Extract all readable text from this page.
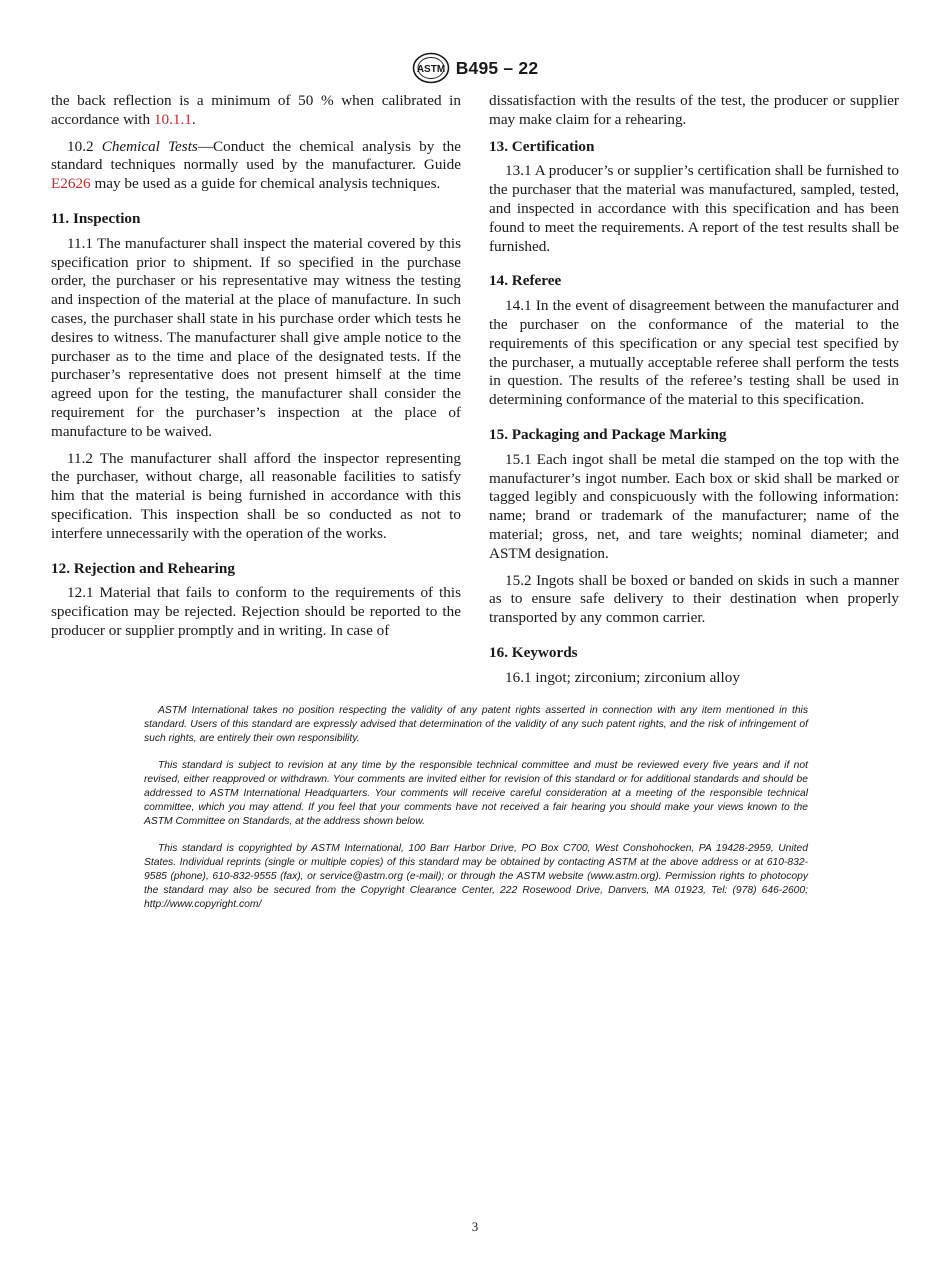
ASTM B495 – 22

the back reflection is a minimum of 50 % when calibrated in accordance with 10.1.1.

10.2 Chemical Tests—Conduct the chemical analysis by the standard techniques normally used by the manufacturer. Guide E2626 may be used as a guide for chemical analysis techniques.

11. Inspection

11.1 The manufacturer shall inspect the material covered by this specification prior to shipment. If so specified in the purchase order, the purchaser or his representative may witness the testing and inspection of the material at the place of manufacture. In such cases, the purchaser shall state in his purchase order which tests he desires to witness. The manufacturer shall give ample notice to the purchaser as to the time and place of the designated tests. If the purchaser’s representative does not present himself at the time agreed upon for the testing, the manufacturer shall consider the requirement for the purchaser’s inspection at the place of manufacture to be waived.

11.2 The manufacturer shall afford the inspector representing the purchaser, without charge, all reasonable facilities to satisfy him that the material is being furnished in accordance with this specification. This inspection shall be so conducted as not to interfere unnecessarily with the operation of the works.

12. Rejection and Rehearing

12.1 Material that fails to conform to the requirements of this specification may be rejected. Rejection should be reported to the producer or supplier promptly and in writing. In case of

dissatisfaction with the results of the test, the producer or supplier may make claim for a rehearing.

13. Certification

13.1 A producer’s or supplier’s certification shall be furnished to the purchaser that the material was manufactured, sampled, tested, and inspected in accordance with this specification and has been found to meet the requirements. A report of the test results shall be furnished.

14. Referee

14.1 In the event of disagreement between the manufacturer and the purchaser on the conformance of the material to the requirements of this specification or any special test specified by the purchaser, a mutually acceptable referee shall perform the tests in question. The results of the referee’s testing shall be used in determining conformance of the material to this specification.

15. Packaging and Package Marking

15.1 Each ingot shall be metal die stamped on the top with the manufacturer’s ingot number. Each box or skid shall be marked or tagged legibly and conspicuously with the following information: name; brand or trademark of the manufacturer; name of the material; gross, net, and tare weights; nominal diameter; and ASTM designation.

15.2 Ingots shall be boxed or banded on skids in such a manner as to ensure safe delivery to their destination when properly transported by any common carrier.

16. Keywords

16.1 ingot; zirconium; zirconium alloy

ASTM International takes no position respecting the validity of any patent rights asserted in connection with any item mentioned in this standard. Users of this standard are expressly advised that determination of the validity of any such patent rights, and the risk of infringement of such rights, are entirely their own responsibility.

This standard is subject to revision at any time by the responsible technical committee and must be reviewed every five years and if not revised, either reapproved or withdrawn. Your comments are invited either for revision of this standard or for additional standards and should be addressed to ASTM International Headquarters. Your comments will receive careful consideration at a meeting of the responsible technical committee, which you may attend. If you feel that your comments have not received a fair hearing you should make your views known to the ASTM Committee on Standards, at the address shown below.

This standard is copyrighted by ASTM International, 100 Barr Harbor Drive, PO Box C700, West Conshohocken, PA 19428-2959, United States. Individual reprints (single or multiple copies) of this standard may be obtained by contacting ASTM at the above address or at 610-832-9585 (phone), 610-832-9555 (fax), or service@astm.org (e-mail); or through the ASTM website (www.astm.org). Permission rights to photocopy the standard may also be secured from the Copyright Clearance Center, 222 Rosewood Drive, Danvers, MA 01923, Tel: (978) 646-2600; http://www.copyright.com/

3
